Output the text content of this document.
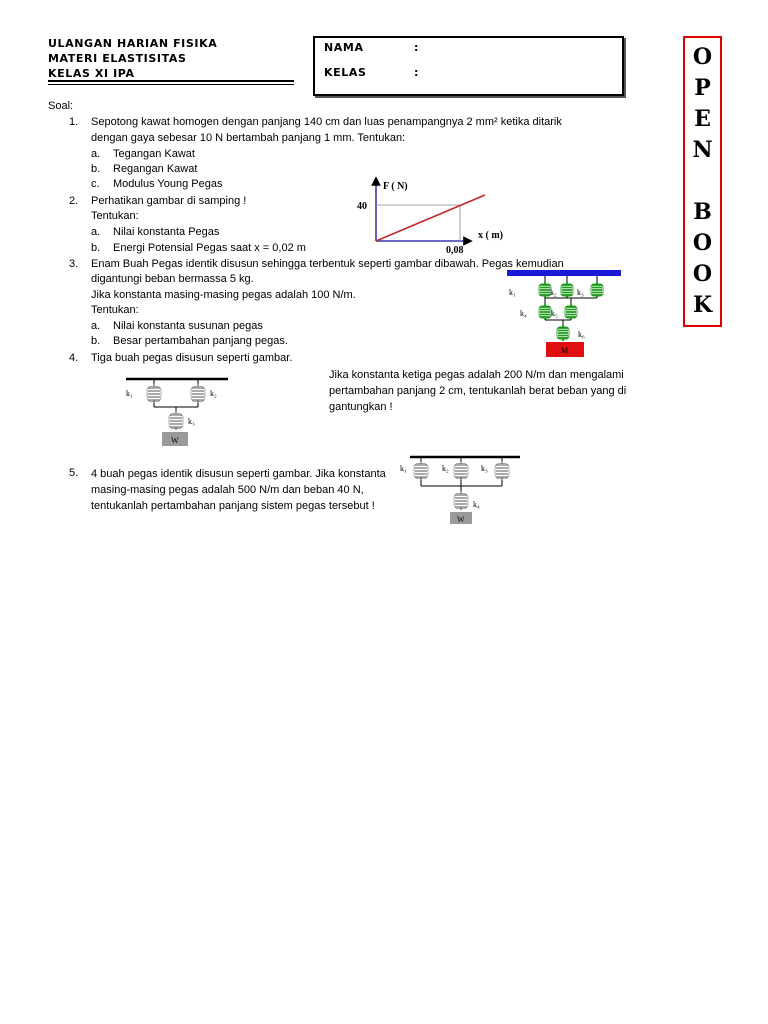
ULANGAN HARIAN FISIKA
MATERI ELASTISITAS
KELAS XI IPA
NAMA	:
KELAS	:
O
P
E
N
B
O
O
K
Soal:
1. Sepotong kawat homogen dengan panjang 140 cm dan luas penampangnya 2 mm² ketika ditarik
dengan gaya sebesar 10 N bertambah panjang 1 mm. Tentukan:
a. Tegangan Kawat
b. Regangan Kawat
c. Modulus Young Pegas
2. Perhatikan gambar di samping !
Tentukan:
a. Nilai konstanta Pegas
b. Energi Potensial Pegas saat x = 0,02 m
F ( N)
40
0,08
x ( m)
3. Enam Buah Pegas identik disusun sehingga terbentuk seperti gambar dibawah. Pegas kemudian
digantungi beban bermassa 5 kg.
Jika konstanta masing-masing pegas adalah 100 N/m.
Tentukan:
a. Nilai konstanta susunan pegas
b. Besar pertambahan panjang pegas.
k₁	k₂	k₃
k₄	k₅
k₆
M
4. Tiga buah pegas disusun seperti gambar.
Jika konstanta ketiga pegas adalah 200 N/m dan mengalami pertambahan panjang 2 cm, tentukanlah berat beban yang di gantungkan !
k₁	k₂
k₃
W
5. 4 buah pegas identik disusun seperti gambar. Jika konstanta masing-masing pegas adalah 500 N/m dan beban 40 N, tentukanlah pertambahan panjang sistem pegas tersebut !
k₁	k₂	k₃
k₄
W
